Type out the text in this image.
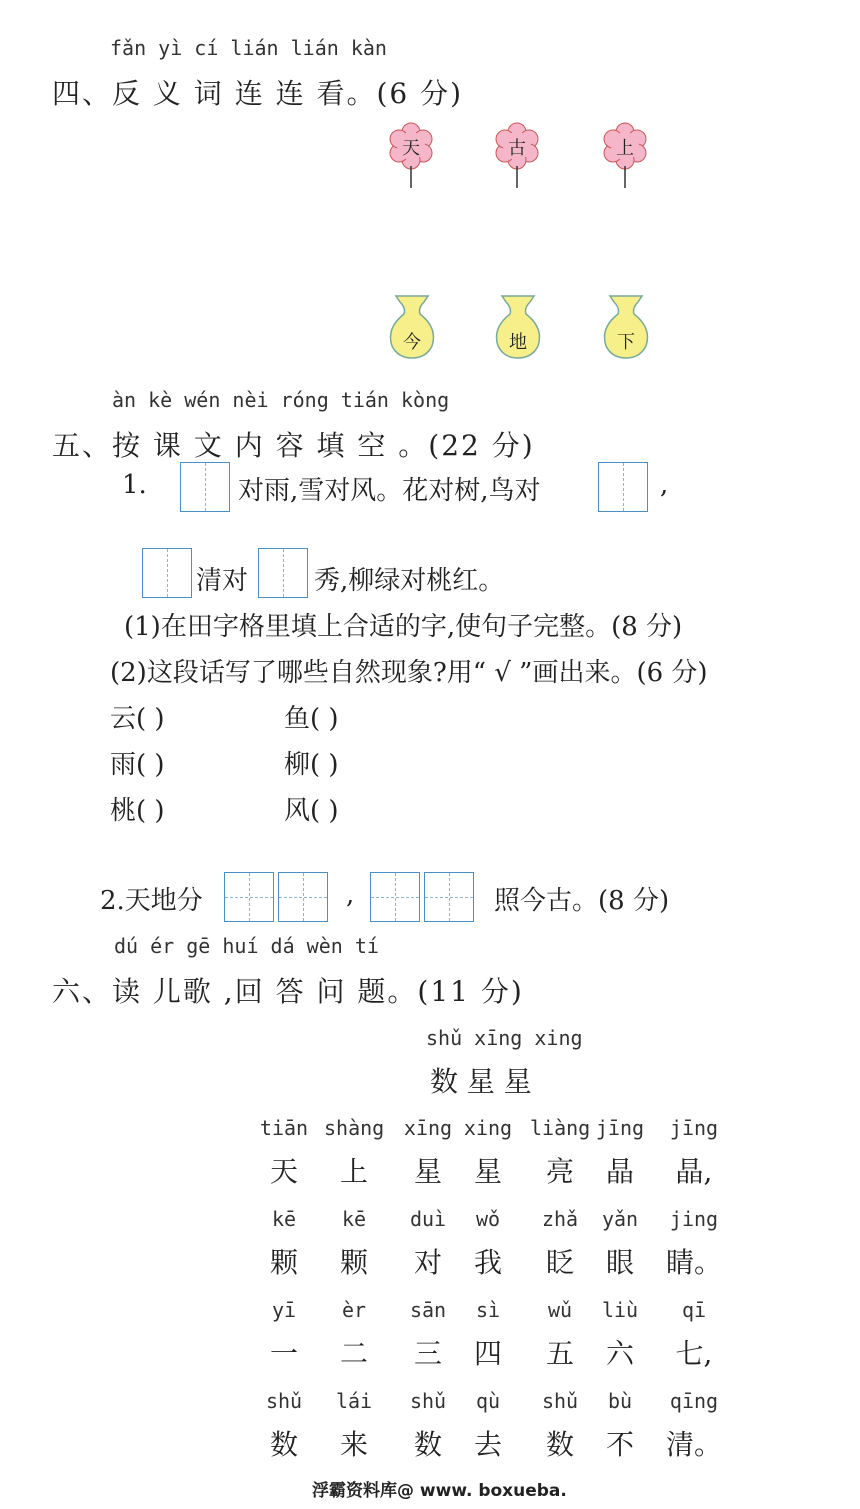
fǎn yì cí lián lián kàn
四、反 义 词 连 连 看。(6 分)
天	古	上
今	地	下
àn kè wén nèi róng tián kòng
五、按 课 文 内 容 填 空 。(22 分)
1.	对雨,雪对风。花对树,鸟对	,
清对	秀,柳绿对桃红。
(1)在田字格里填上合适的字,使句子完整。(8 分)
(2)这段话写了哪些自然现象?用“ √ ”画出来。(6 分)
云( )	鱼( )
雨( )	柳( )
桃( )	风( )
2.天地分	,	照今古。(8 分)
dú ér gē huí dá wèn tí
六、读 儿歌 ,回 答 问 题。(11 分)
shǔ xīng xing
数 星 星
tiān shàng xīng xing liàng jīng jīng
天	上	星	星	亮	晶	晶,
kē	kē	duì	wǒ	zhǎ	yǎn	jing
颗	颗	对	我	眨	眼	睛。
yī	èr	sān	sì	wǔ	liù	qī
一	二	三	四	五	六	七,
shǔ	lái	shǔ	qù	shǔ	bù	qīng
数	来	数	去	数	不	清。
浮霸资料库@ www. boxueba.
